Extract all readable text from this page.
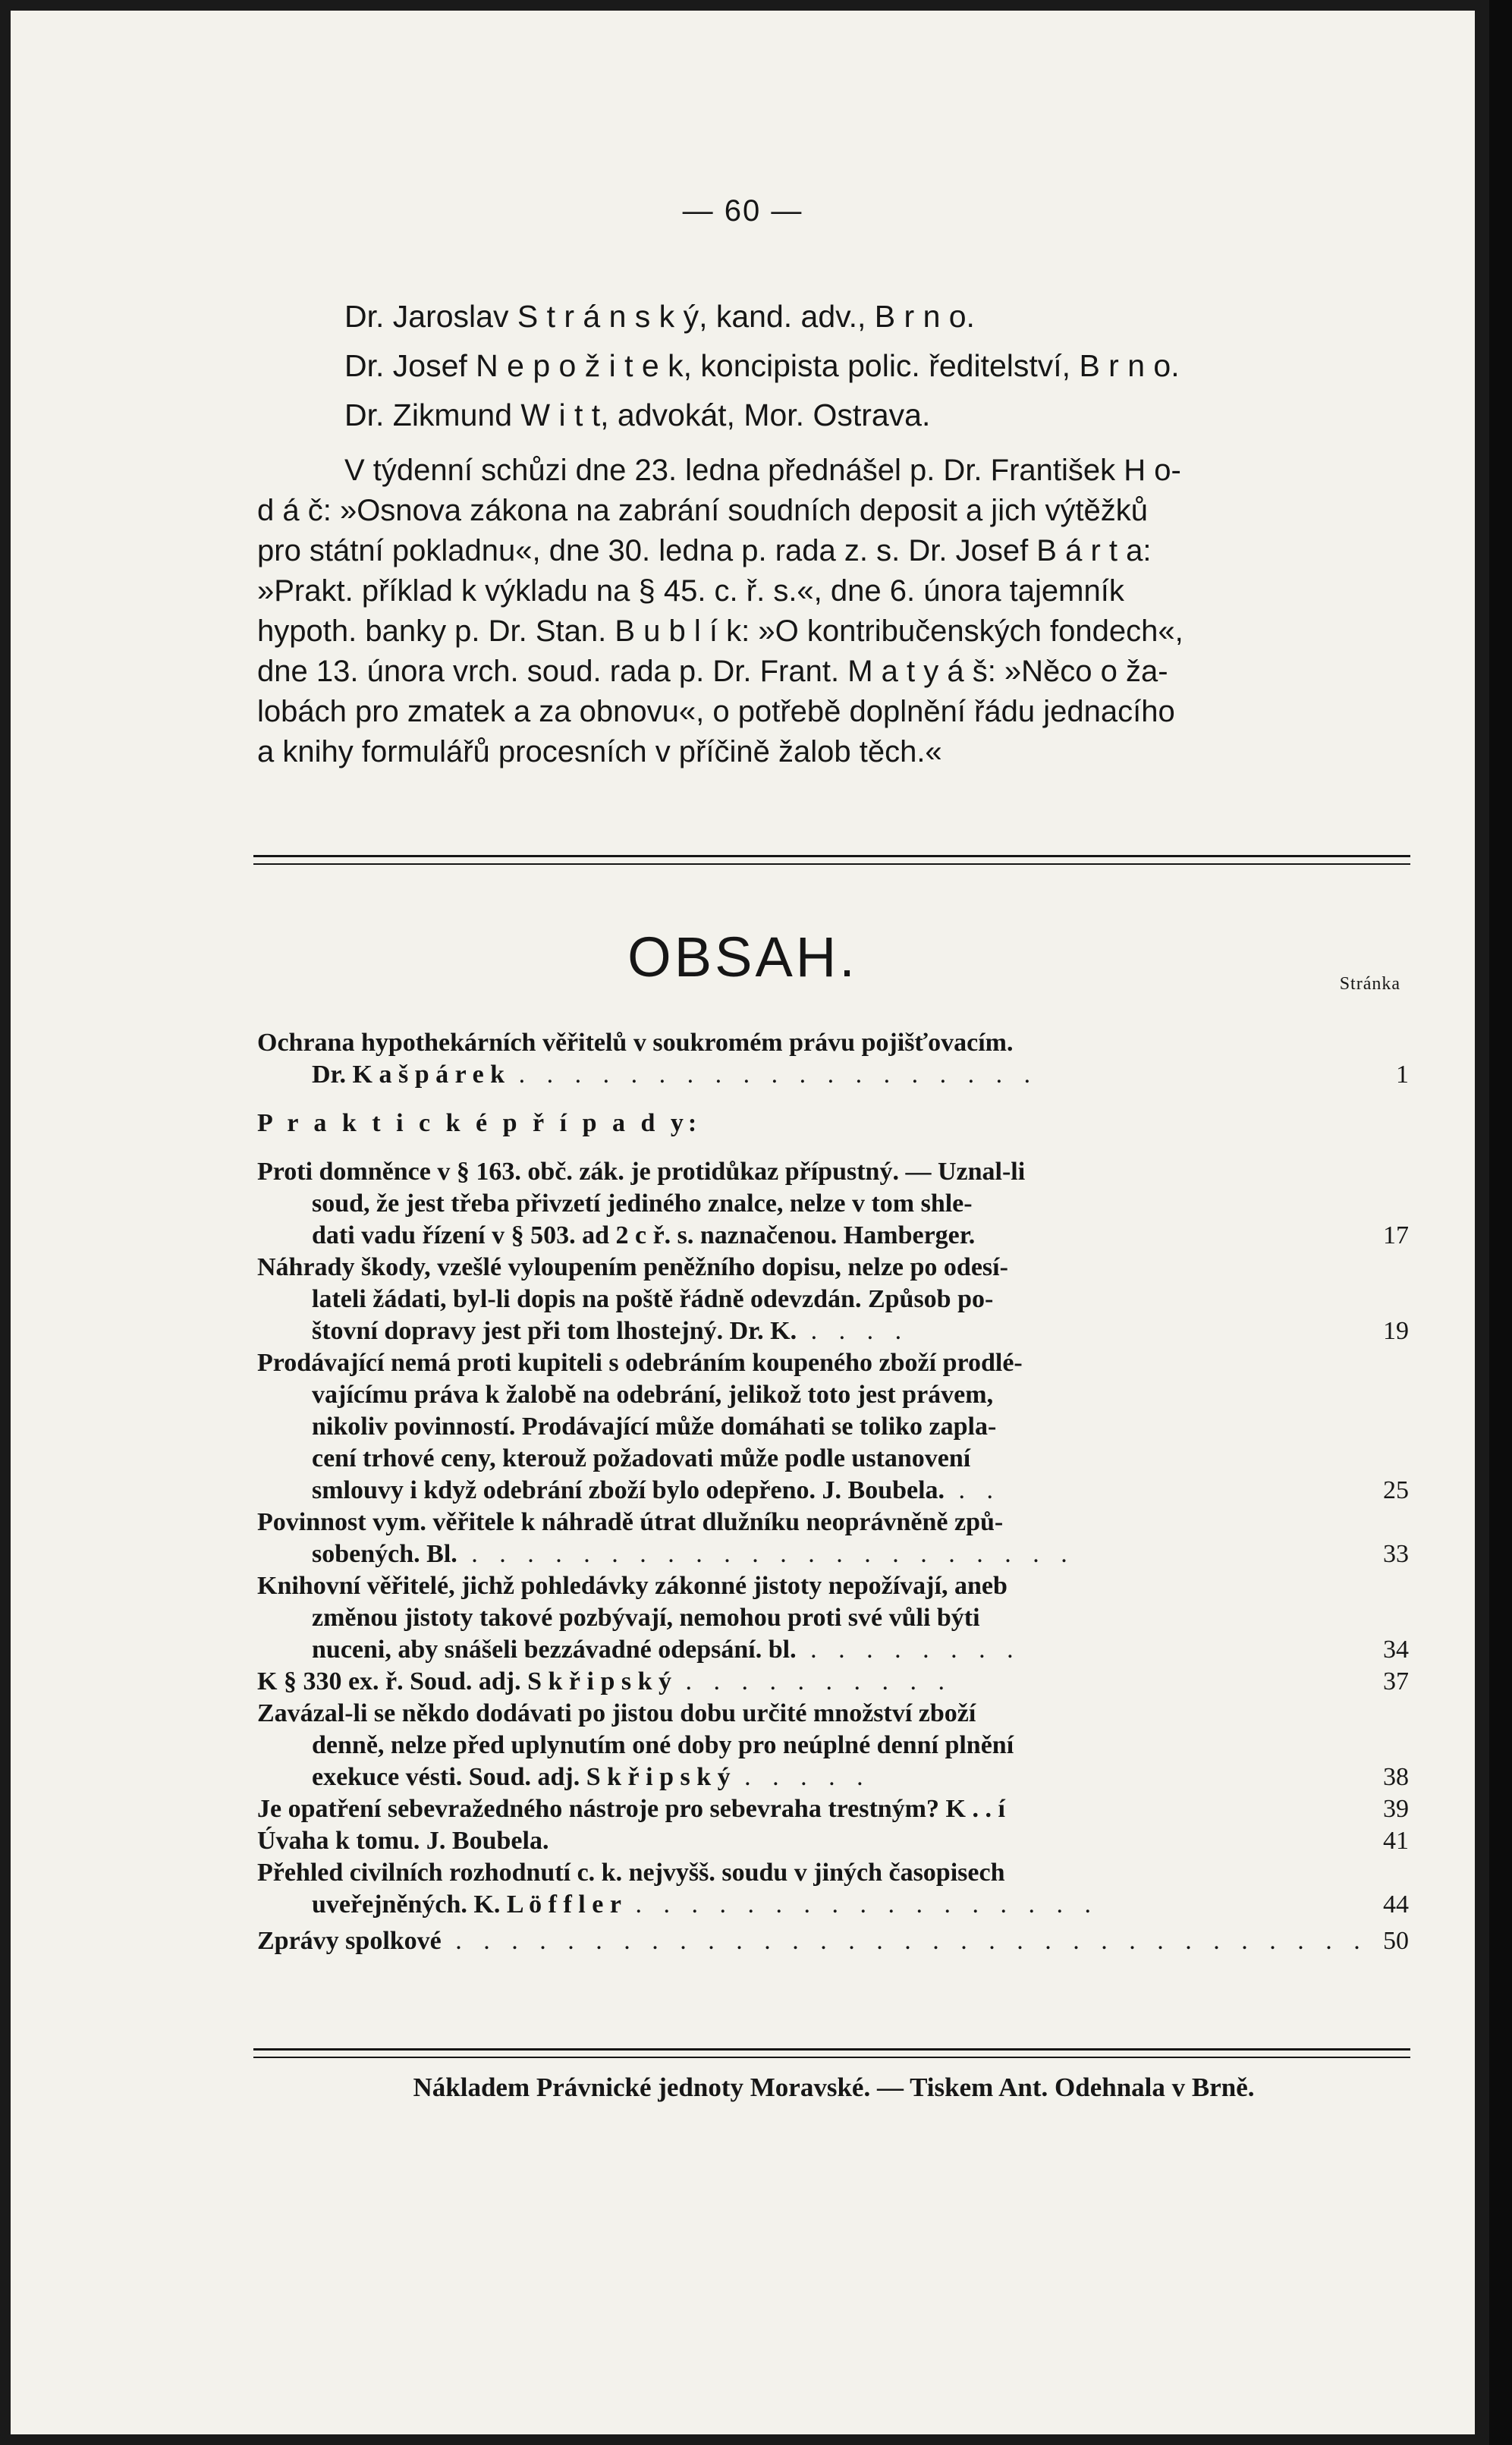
— 60 —
Dr. Jaroslav S t r á n s k ý, kand. adv., B r n o.
Dr. Josef N e p o ž i t e k, koncipista polic. ředitelství, B r n o.
Dr. Zikmund W i t t, advokát, Mor. Ostrava.
V týdenní schůzi dne 23. ledna přednášel p. Dr. František H o-
d á č: »Osnova zákona na zabrání soudních deposit a jich výtěžků
pro státní pokladnu«, dne 30. ledna p. rada z. s. Dr. Josef B á r t a:
»Prakt. příklad k výkladu na § 45. c. ř. s.«, dne 6. února tajemník
hypoth. banky p. Dr. Stan. B u b l í k: »O kontribučenských fondech«,
dne 13. února vrch. soud. rada p. Dr. Frant. M a t y á š: »Něco o ža-
lobách pro zmatek a za obnovu«, o potřebě doplnění řádu jednacího
a knihy formulářů procesních v příčině žalob těch.«
OBSAH.	Stránka
Ochrana hypothekárních věřitelů v soukromém právu pojišťovacím.
Dr. K a š p á r e k . . . . . . . . . . . . . . . . . . .	1
P r a k t i c k é p ř í p a d y:
Proti domněnce v § 163. obč. zák. je protidůkaz přípustný. — Uznal-li
soud, že jest třeba přivzetí jediného znalce, nelze v tom shle-
dati vadu řízení v § 503. ad 2 c ř. s. naznačenou. Hamberger.	17
Náhrady škody, vzešlé vyloupením peněžního dopisu, nelze po odesí-
lateli žádati, byl-li dopis na poště řádně odevzdán. Způsob po-
štovní dopravy jest při tom lhostejný. Dr. K. . . . .	19
Prodávající nemá proti kupiteli s odebráním koupeného zboží prodlé-
vajícímu práva k žalobě na odebrání, jelikož toto jest právem,
nikoliv povinností. Prodávající může domáhati se toliko zapla-
cení trhové ceny, kterouž požadovati může podle ustanovení
smlouvy i když odebrání zboží bylo odepřeno. J. Boubela. . .	25
Povinnost vym. věřitele k náhradě útrat dlužníku neoprávněně způ-
sobených. Bl. . . . . . . . . . . . . . . . . . . . . . .	33
Knihovní věřitelé, jichž pohledávky zákonné jistoty nepožívají, aneb
změnou jistoty takové pozbývají, nemohou proti své vůli býti
nuceni, aby snášeli bezzávadné odepsání. bl. . . . . . . . .	34
K § 330 ex. ř. Soud. adj. S k ř i p s k ý . . . . . . . . . .	37
Zavázal-li se někdo dodávati po jistou dobu určité množství zboží
denně, nelze před uplynutím oné doby pro neúplné denní plnění
exekuce vésti. Soud. adj. S k ř i p s k ý . . . . .	38
Je opatření sebevražedného nástroje pro sebevraha trestným? K . . í	39
Úvaha k tomu. J. Boubela.	41
Přehled civilních rozhodnutí c. k. nejvyšš. soudu v jiných časopisech
uveřejněných. K. L ö f f l e r . . . . . . . . . . . . . . . . .	44
Zprávy spolkové . . . . . . . . . . . . . . . . . . . . . . . . . . . . . . . . . 50
Nákladem Právnické jednoty Moravské. — Tiskem Ant. Odehnala v Brně.
